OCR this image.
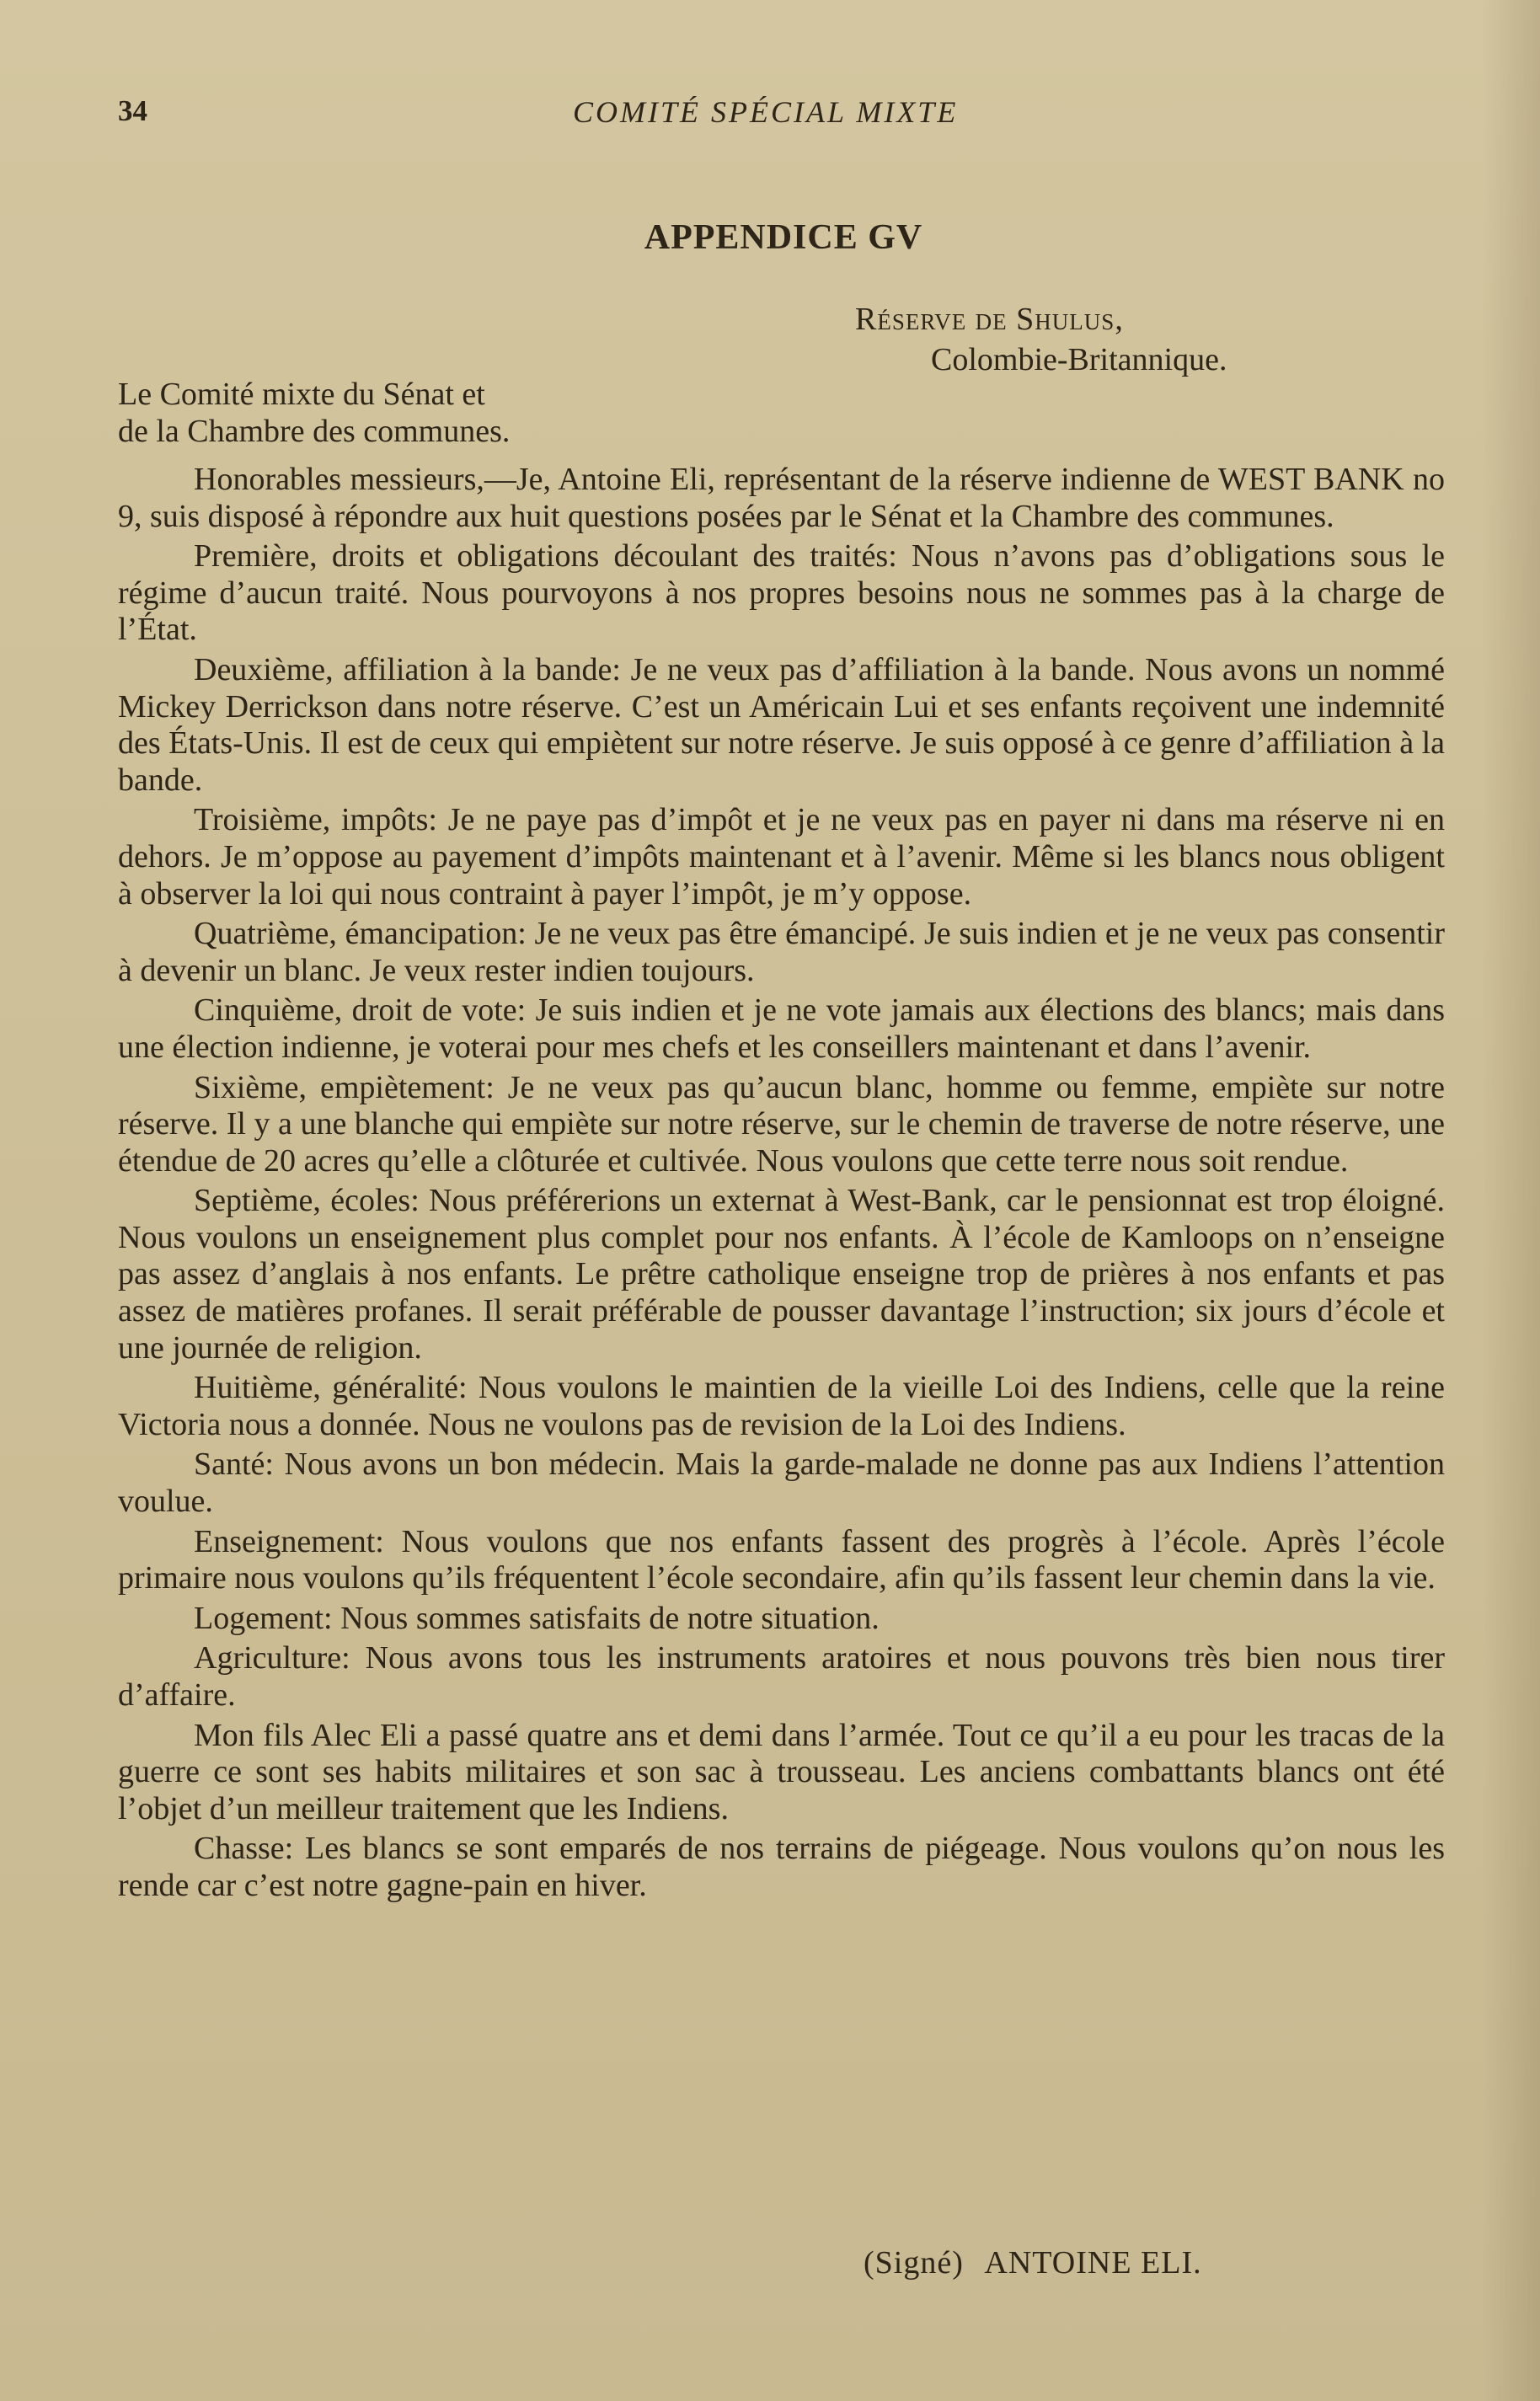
34	COMITÉ SPÉCIAL MIXTE
APPENDICE GV
Réserve de Shulus,
Colombie-Britannique.
Le Comité mixte du Sénat et
de la Chambre des communes.

Honorables messieurs,—Je, Antoine Eli, représentant de la réserve indienne de WEST BANK no 9, suis disposé à répondre aux huit questions posées par le Sénat et la Chambre des communes.

Première, droits et obligations découlant des traités: Nous n’avons pas d’obligations sous le régime d’aucun traité. Nous pourvoyons à nos propres besoins nous ne sommes pas à la charge de l’État.

Deuxième, affiliation à la bande: Je ne veux pas d’affiliation à la bande. Nous avons un nommé Mickey Derrickson dans notre réserve. C’est un Américain Lui et ses enfants reçoivent une indemnité des États-Unis. Il est de ceux qui empiètent sur notre réserve. Je suis opposé à ce genre d’affiliation à la bande.

Troisième, impôts: Je ne paye pas d’impôt et je ne veux pas en payer ni dans ma réserve ni en dehors. Je m’oppose au payement d’impôts maintenant et à l’avenir. Même si les blancs nous obligent à observer la loi qui nous contraint à payer l’impôt, je m’y oppose.

Quatrième, émancipation: Je ne veux pas être émancipé. Je suis indien et je ne veux pas consentir à devenir un blanc. Je veux rester indien toujours.

Cinquième, droit de vote: Je suis indien et je ne vote jamais aux élections des blancs; mais dans une élection indienne, je voterai pour mes chefs et les conseillers maintenant et dans l’avenir.

Sixième, empiètement: Je ne veux pas qu’aucun blanc, homme ou femme, empiète sur notre réserve. Il y a une blanche qui empiète sur notre réserve, sur le chemin de traverse de notre réserve, une étendue de 20 acres qu’elle a clôturée et cultivée. Nous voulons que cette terre nous soit rendue.

Septième, écoles: Nous préférerions un externat à West-Bank, car le pensionnat est trop éloigné. Nous voulons un enseignement plus complet pour nos enfants. À l’école de Kamloops on n’enseigne pas assez d’anglais à nos enfants. Le prêtre catholique enseigne trop de prières à nos enfants et pas assez de matières profanes. Il serait préférable de pousser davantage l’instruction; six jours d’école et une journée de religion.

Huitième, généralité: Nous voulons le maintien de la vieille Loi des Indiens, celle que la reine Victoria nous a donnée. Nous ne voulons pas de revision de la Loi des Indiens.

Santé: Nous avons un bon médecin. Mais la garde-malade ne donne pas aux Indiens l’attention voulue.

Enseignement: Nous voulons que nos enfants fassent des progrès à l’école. Après l’école primaire nous voulons qu’ils fréquentent l’école secondaire, afin qu’ils fassent leur chemin dans la vie.

Logement: Nous sommes satisfaits de notre situation.

Agriculture: Nous avons tous les instruments aratoires et nous pouvons très bien nous tirer d’affaire.

Mon fils Alec Eli a passé quatre ans et demi dans l’armée. Tout ce qu’il a eu pour les tracas de la guerre ce sont ses habits militaires et son sac à trousseau. Les anciens combattants blancs ont été l’objet d’un meilleur traitement que les Indiens.

Chasse: Les blancs se sont emparés de nos terrains de piégeage. Nous voulons qu’on nous les rende car c’est notre gagne-pain en hiver.

(Signé) ANTOINE ELI.
